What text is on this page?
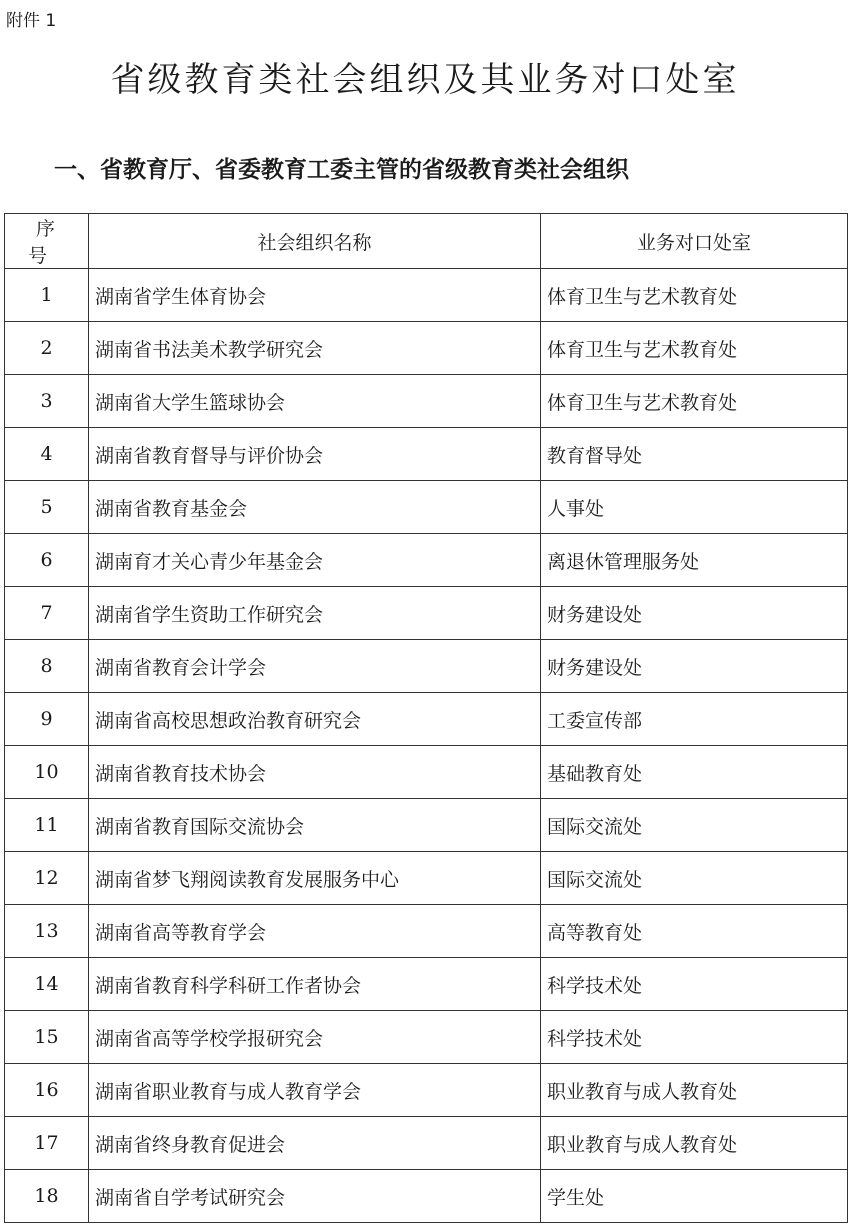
附件 1
省级教育类社会组织及其业务对口处室
一、省教育厅、省委教育工委主管的省级教育类社会组织
序 号	社会组织名称	业务对口处室
1	湖南省学生体育协会	体育卫生与艺术教育处
2	湖南省书法美术教学研究会	体育卫生与艺术教育处
3	湖南省大学生篮球协会	体育卫生与艺术教育处
4	湖南省教育督导与评价协会	教育督导处
5	湖南省教育基金会	人事处
6	湖南育才关心青少年基金会	离退休管理服务处
7	湖南省学生资助工作研究会	财务建设处
8	湖南省教育会计学会	财务建设处
9	湖南省高校思想政治教育研究会	工委宣传部
10	湖南省教育技术协会	基础教育处
11	湖南省教育国际交流协会	国际交流处
12	湖南省梦飞翔阅读教育发展服务中心	国际交流处
13	湖南省高等教育学会	高等教育处
14	湖南省教育科学科研工作者协会	科学技术处
15	湖南省高等学校学报研究会	科学技术处
16	湖南省职业教育与成人教育学会	职业教育与成人教育处
17	湖南省终身教育促进会	职业教育与成人教育处
18	湖南省自学考试研究会	学生处
